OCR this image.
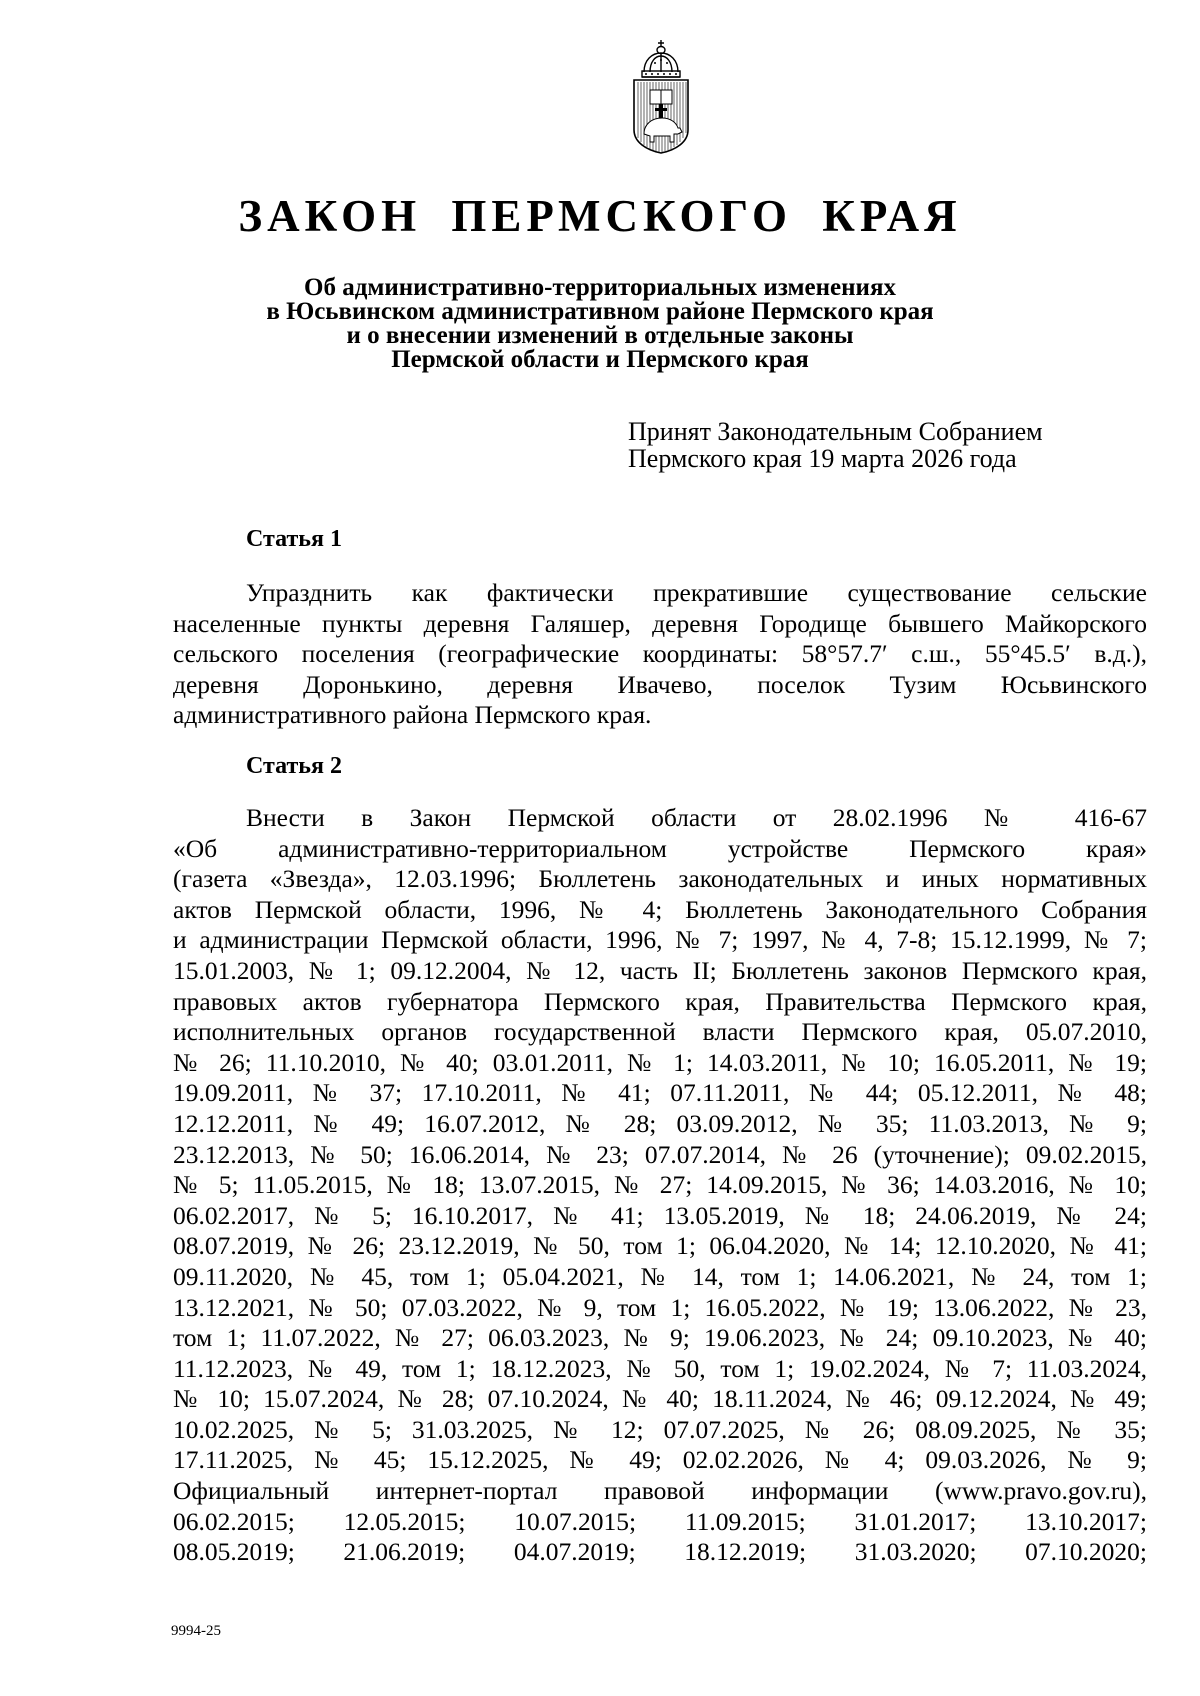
ЗАКОН ПЕРМСКОГО КРАЯ
Об административно-территориальных изменениях
в Юсьвинском административном районе Пермского края
и о внесении изменений в отдельные законы
Пермской области и Пермского края
Принят Законодательным Собранием
Пермского края 19 марта 2026 года
Статья 1
Упразднить как фактически прекратившие существование сельские
населенные пункты деревня Галяшер, деревня Городище бывшего Майкорского
сельского поселения (географические координаты: 58°57.7′ с.ш., 55°45.5′ в.д.),
деревня Доронькино, деревня Ивачево, поселок Тузим Юсьвинского
административного района Пермского края.
Статья 2
Внести в Закон Пермской области от 28.02.1996 № 416-67
«Об административно-территориальном устройстве Пермского края»
(газета «Звезда», 12.03.1996; Бюллетень законодательных и иных нормативных
актов Пермской области, 1996, № 4; Бюллетень Законодательного Собрания
и администрации Пермской области, 1996, № 7; 1997, № 4, 7-8; 15.12.1999, № 7;
15.01.2003, № 1; 09.12.2004, № 12, часть II; Бюллетень законов Пермского края,
правовых актов губернатора Пермского края, Правительства Пермского края,
исполнительных органов государственной власти Пермского края, 05.07.2010,
№ 26; 11.10.2010, № 40; 03.01.2011, № 1; 14.03.2011, № 10; 16.05.2011, № 19;
19.09.2011, № 37; 17.10.2011, № 41; 07.11.2011, № 44; 05.12.2011, № 48;
12.12.2011, № 49; 16.07.2012, № 28; 03.09.2012, № 35; 11.03.2013, № 9;
23.12.2013, № 50; 16.06.2014, № 23; 07.07.2014, № 26 (уточнение); 09.02.2015,
№ 5; 11.05.2015, № 18; 13.07.2015, № 27; 14.09.2015, № 36; 14.03.2016, № 10;
06.02.2017, № 5; 16.10.2017, № 41; 13.05.2019, № 18; 24.06.2019, № 24;
08.07.2019, № 26; 23.12.2019, № 50, том 1; 06.04.2020, № 14; 12.10.2020, № 41;
09.11.2020, № 45, том 1; 05.04.2021, № 14, том 1; 14.06.2021, № 24, том 1;
13.12.2021, № 50; 07.03.2022, № 9, том 1; 16.05.2022, № 19; 13.06.2022, № 23,
том 1; 11.07.2022, № 27; 06.03.2023, № 9; 19.06.2023, № 24; 09.10.2023, № 40;
11.12.2023, № 49, том 1; 18.12.2023, № 50, том 1; 19.02.2024, № 7; 11.03.2024,
№ 10; 15.07.2024, № 28; 07.10.2024, № 40; 18.11.2024, № 46; 09.12.2024, № 49;
10.02.2025, № 5; 31.03.2025, № 12; 07.07.2025, № 26; 08.09.2025, № 35;
17.11.2025, № 45; 15.12.2025, № 49; 02.02.2026, № 4; 09.03.2026, № 9;
Официальный интернет-портал правовой информации (www.pravo.gov.ru),
06.02.2015; 12.05.2015; 10.07.2015; 11.09.2015; 31.01.2017; 13.10.2017;
08.05.2019; 21.06.2019; 04.07.2019; 18.12.2019; 31.03.2020; 07.10.2020;
9994-25
